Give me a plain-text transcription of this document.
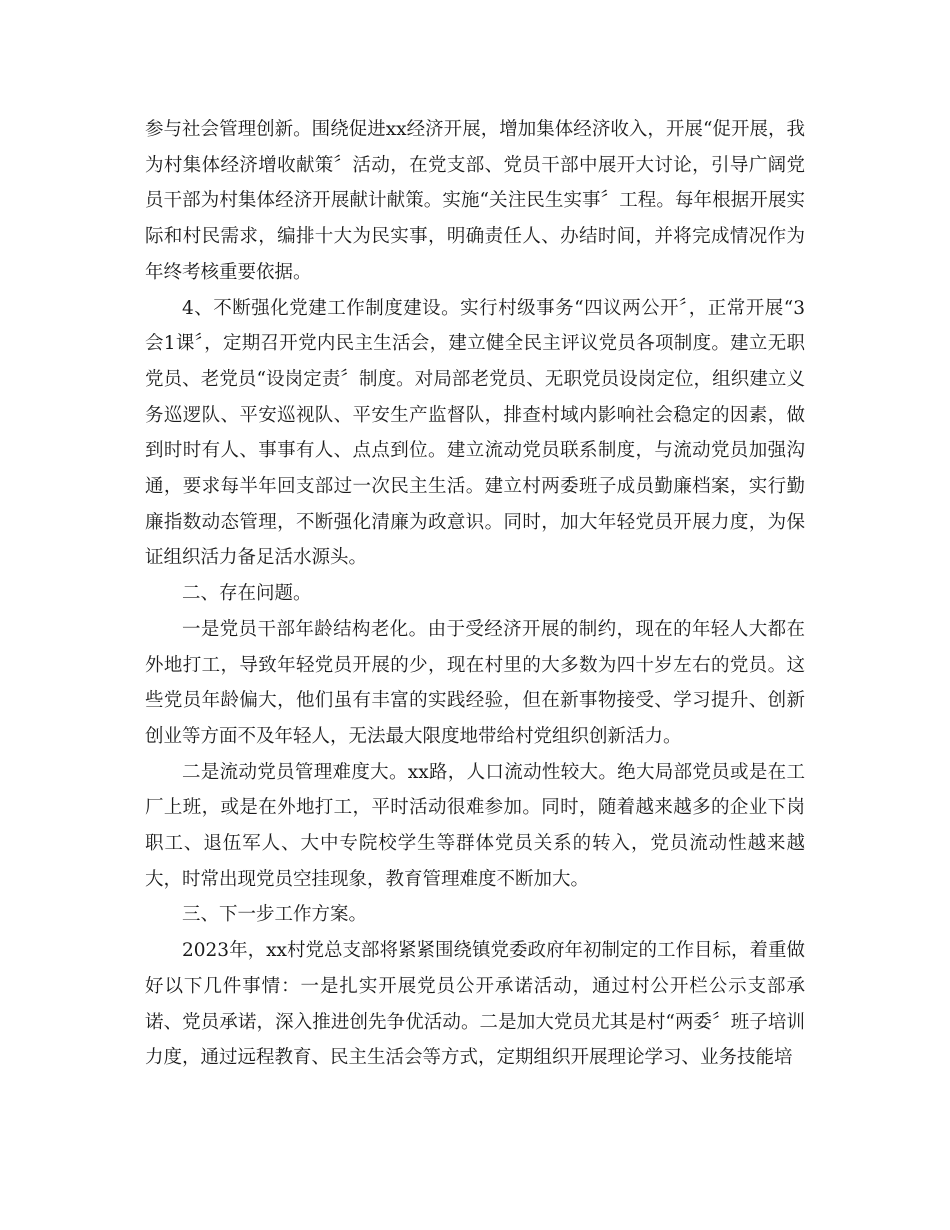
参与社会管理创新。围绕促进xx经济开展，增加集体经济收入，开展“促开展，我为村集体经济增收献策〞活动，在党支部、党员干部中展开大讨论，引导广阔党员干部为村集体经济开展献计献策。实施“关注民生实事〞工程。每年根据开展实际和村民需求，编排十大为民实事，明确责任人、办结时间，并将完成情况作为年终考核重要依据。

4、不断强化党建工作制度建设。实行村级事务“四议两公开〞，正常开展“3会1课〞，定期召开党内民主生活会，建立健全民主评议党员各项制度。建立无职党员、老党员“设岗定责〞制度。对局部老党员、无职党员设岗定位，组织建立义务巡逻队、平安巡视队、平安生产监督队，排查村域内影响社会稳定的因素，做到时时有人、事事有人、点点到位。建立流动党员联系制度，与流动党员加强沟通，要求每半年回支部过一次民主生活。建立村两委班子成员勤廉档案，实行勤廉指数动态管理，不断强化清廉为政意识。同时，加大年轻党员开展力度，为保证组织活力备足活水源头。

二、存在问题。

一是党员干部年龄结构老化。由于受经济开展的制约，现在的年轻人大都在外地打工，导致年轻党员开展的少，现在村里的大多数为四十岁左右的党员。这些党员年龄偏大，他们虽有丰富的实践经验，但在新事物接受、学习提升、创新创业等方面不及年轻人，无法最大限度地带给村党组织创新活力。

二是流动党员管理难度大。xx路，人口流动性较大。绝大局部党员或是在工厂上班，或是在外地打工，平时活动很难参加。同时，随着越来越多的企业下岗职工、退伍军人、大中专院校学生等群体党员关系的转入，党员流动性越来越大，时常出现党员空挂现象，教育管理难度不断加大。

三、下一步工作方案。

2023年，xx村党总支部将紧紧围绕镇党委政府年初制定的工作目标，着重做好以下几件事情：一是扎实开展党员公开承诺活动，通过村公开栏公示支部承诺、党员承诺，深入推进创先争优活动。二是加大党员尤其是村“两委〞班子培训力度，通过远程教育、民主生活会等方式，定期组织开展理论学习、业务技能培
